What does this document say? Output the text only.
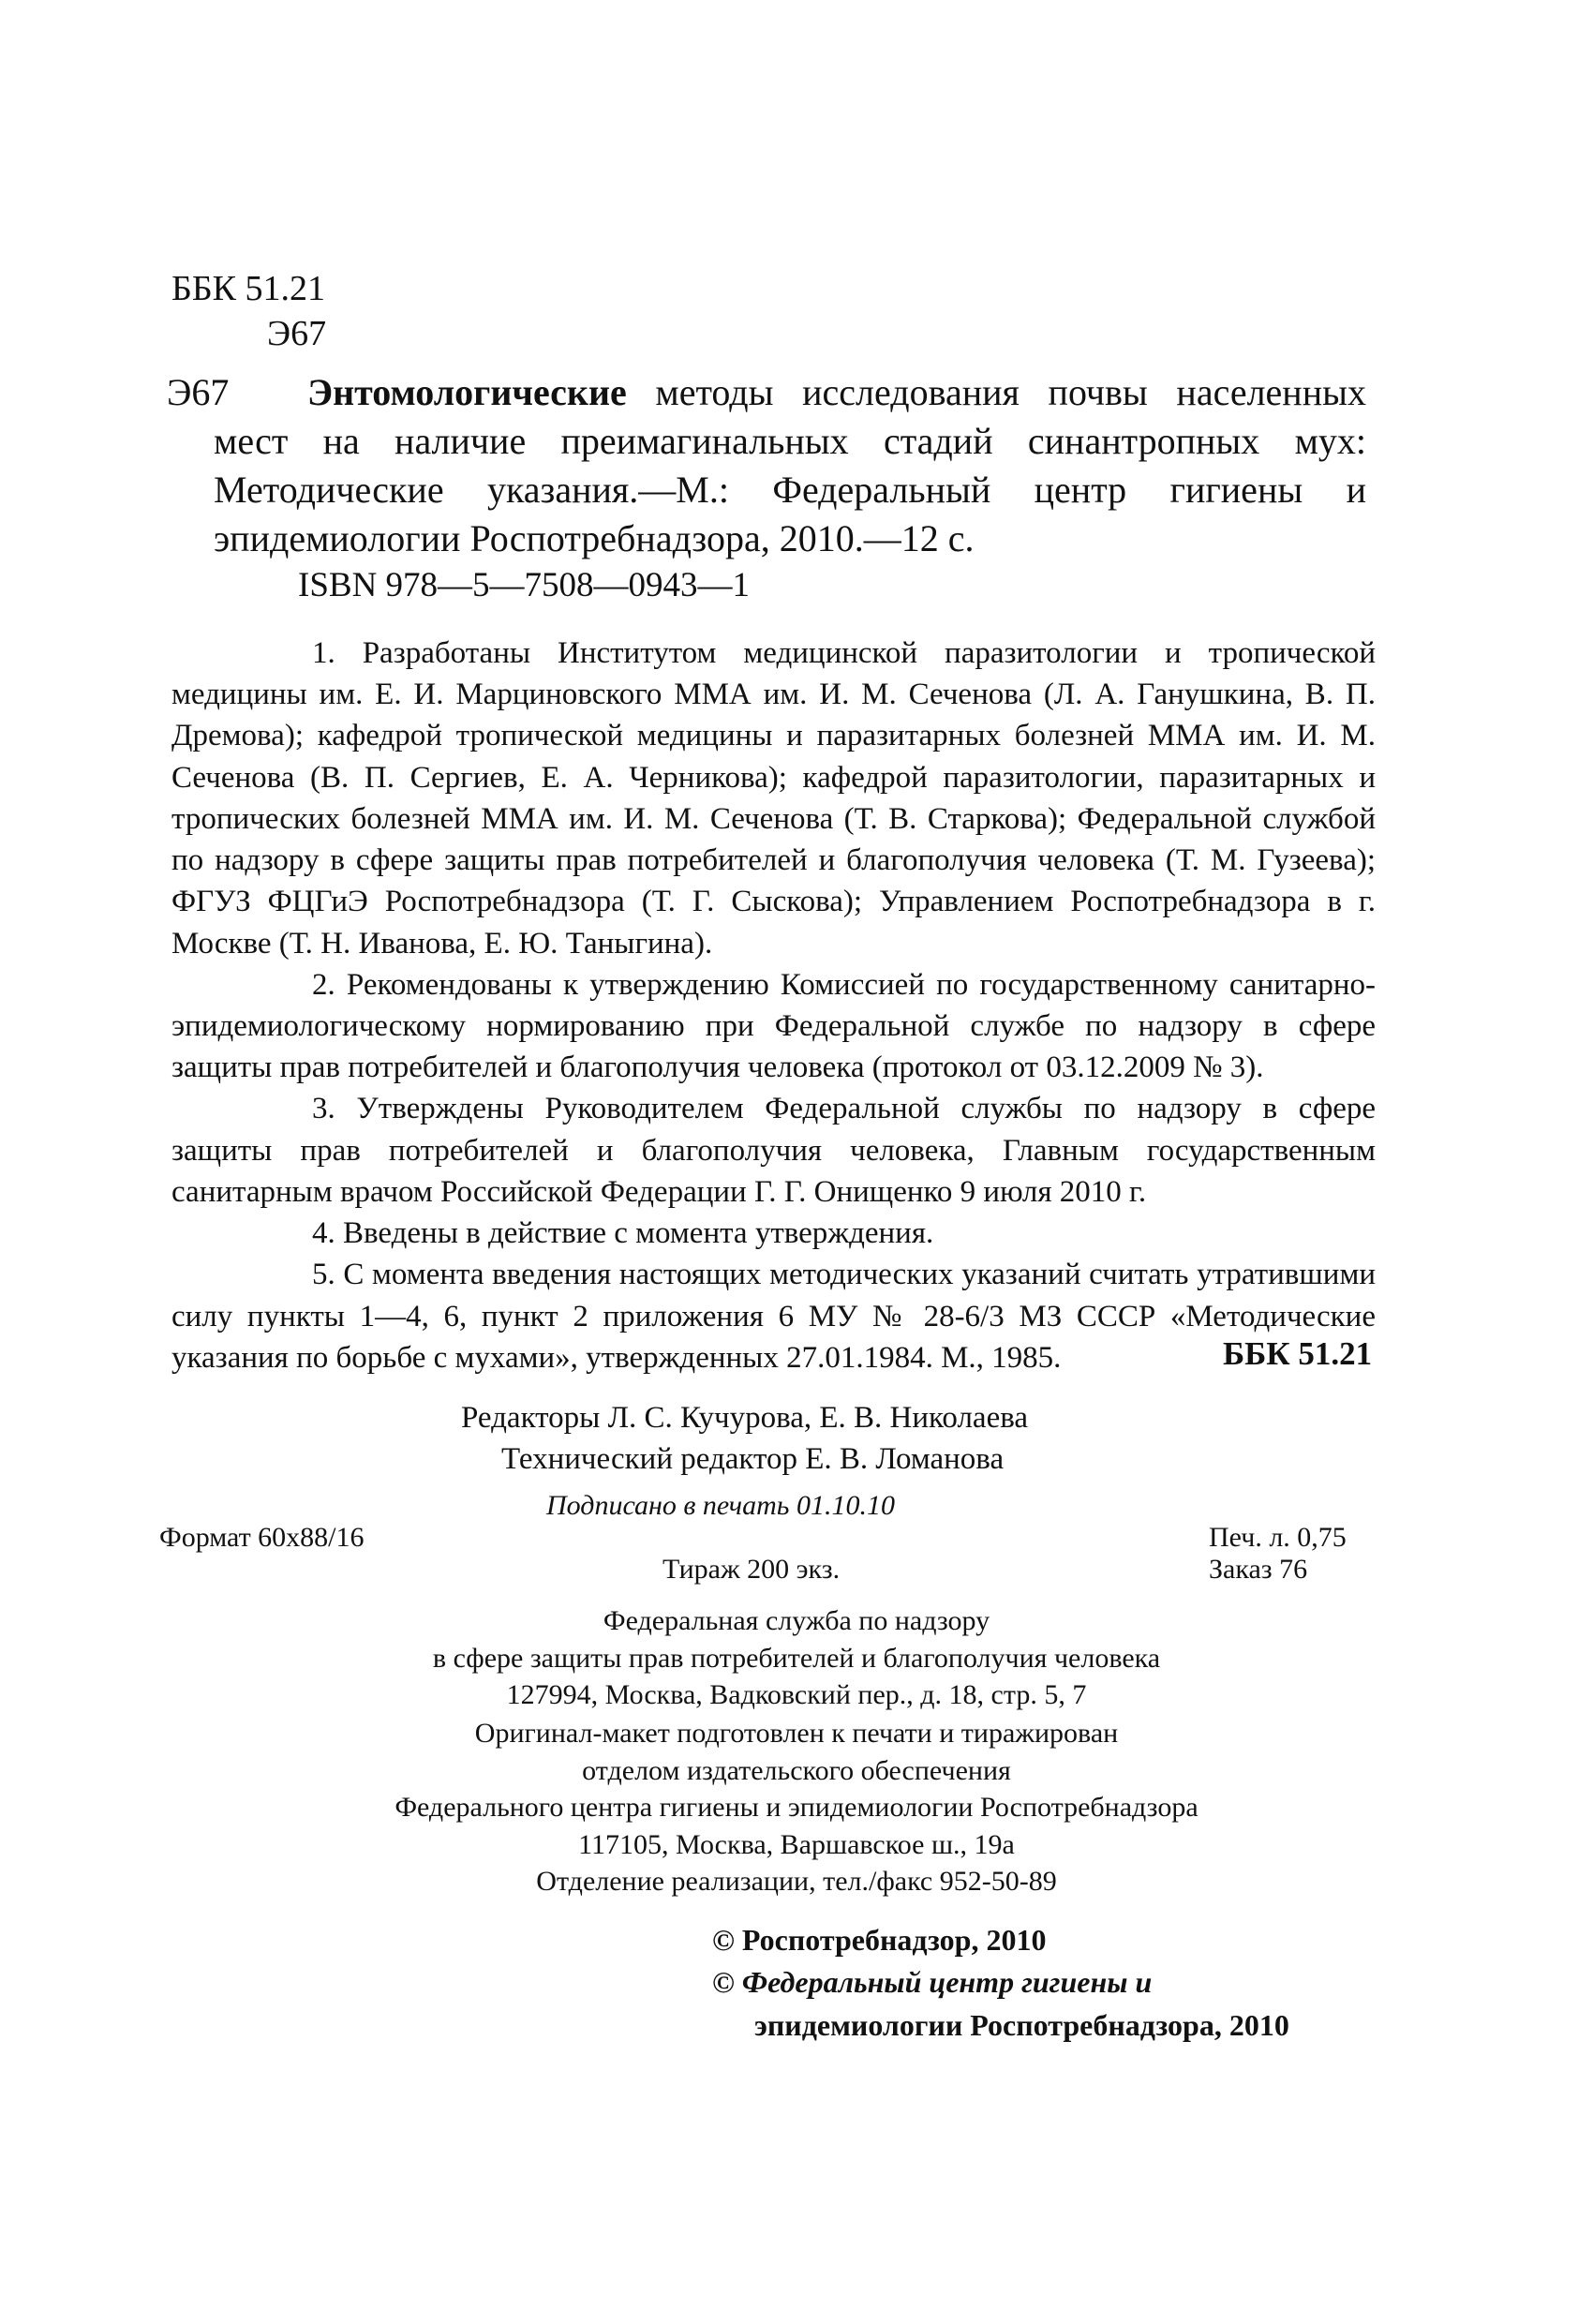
ББК 51.21
Э67
Э67	Энтомологические методы исследования почвы населенных мест на наличие преимагинальных стадий синантропных мух: Методические указания.—М.: Федеральный центр гигиены и эпидемиологии Роспотребнадзора, 2010.—12 с.
ISBN 978—5—7508—0943—1

1. Разработаны Институтом медицинской паразитологии и тропической медицины им. Е. И. Марциновского ММА им. И. М. Сеченова (Л. А. Ганушкина, В. П. Дремова); кафедрой тропической медицины и паразитарных болезней ММА им. И. М. Сеченова (В. П. Сергиев, Е. А. Черникова); кафедрой паразитологии, паразитарных и тропических болезней ММА им. И. М. Сеченова (Т. В. Старкова); Федеральной службой по надзору в сфере защиты прав потребителей и благополучия человека (Т. М. Гузеева); ФГУЗ ФЦГиЭ Роспотребнадзора (Т. Г. Сыскова); Управлением Роспотребнадзора в г. Москве (Т. Н. Иванова, Е. Ю. Таныгина).

2. Рекомендованы к утверждению Комиссией по государственному санитарно-эпидемиологическому нормированию при Федеральной службе по надзору в сфере защиты прав потребителей и благополучия человека (протокол от 03.12.2009 № 3).

3. Утверждены Руководителем Федеральной службы по надзору в сфере защиты прав потребителей и благополучия человека, Главным государственным санитарным врачом Российской Федерации Г. Г. Онищенко 9 июля 2010 г.

4. Введены в действие с момента утверждения.

5. С момента введения настоящих методических указаний считать утратившими силу пункты 1—4, 6, пункт 2 приложения 6 МУ № 28-6/3 МЗ СССР «Методические указания по борьбе с мухами», утвержденных 27.01.1984. М., 1985.	ББК 51.21
Редакторы Л. С. Кучурова, Е. В. Николаева
Технический редактор Е. В. Ломанова
Подписано в печать 01.10.10
Формат 60x88/16	Печ. л. 0,75
Тираж 200 экз.	Заказ 76
Федеральная служба по надзору
в сфере защиты прав потребителей и благополучия человека
127994, Москва, Вадковский пер., д. 18, стр. 5, 7
Оригинал-макет подготовлен к печати и тиражирован
отделом издательского обеспечения
Федерального центра гигиены и эпидемиологии Роспотребнадзора
117105, Москва, Варшавское ш., 19а
Отделение реализации, тел./факс 952-50-89
© Роспотребнадзор, 2010
© Федеральный центр гигиены и
эпидемиологии Роспотребнадзора, 2010
